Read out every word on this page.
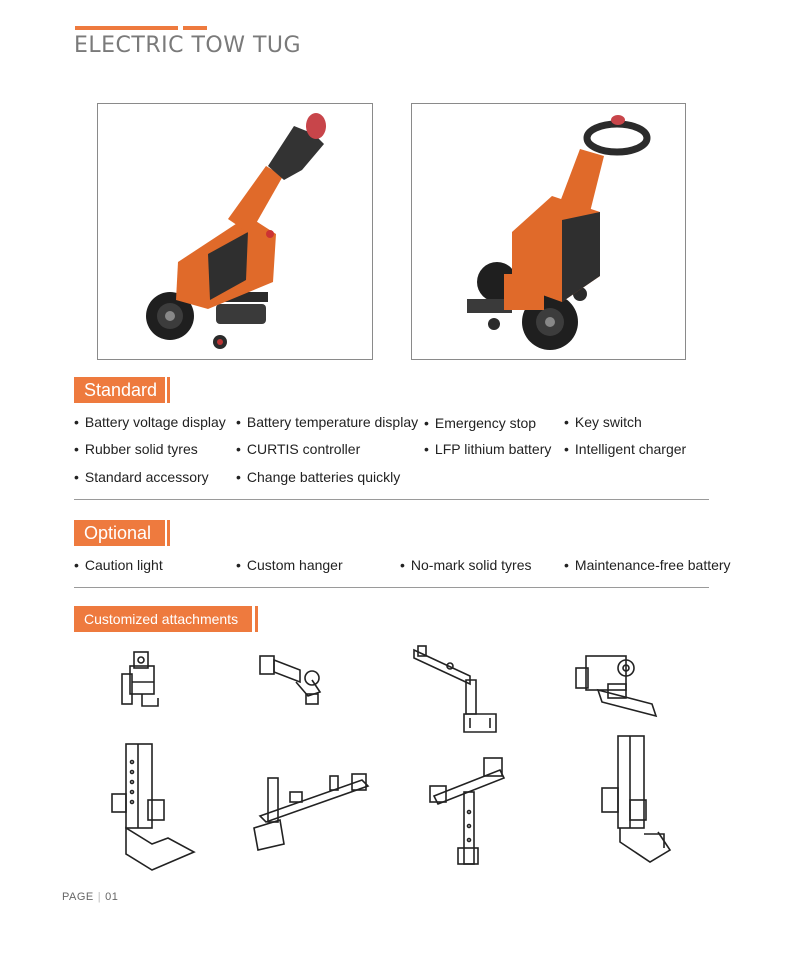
ELECTRIC TOW TUG
Standard
• Battery voltage display	• Battery temperature display	• Emergency stop	• Key switch
• Rubber solid tyres	• CURTIS controller	• LFP lithium battery	• Intelligent charger
• Standard accessory	• Change batteries quickly
Optional
• Caution light	• Custom hanger	• No-mark solid tyres	• Maintenance-free battery
Customized attachments
PAGE | 01
